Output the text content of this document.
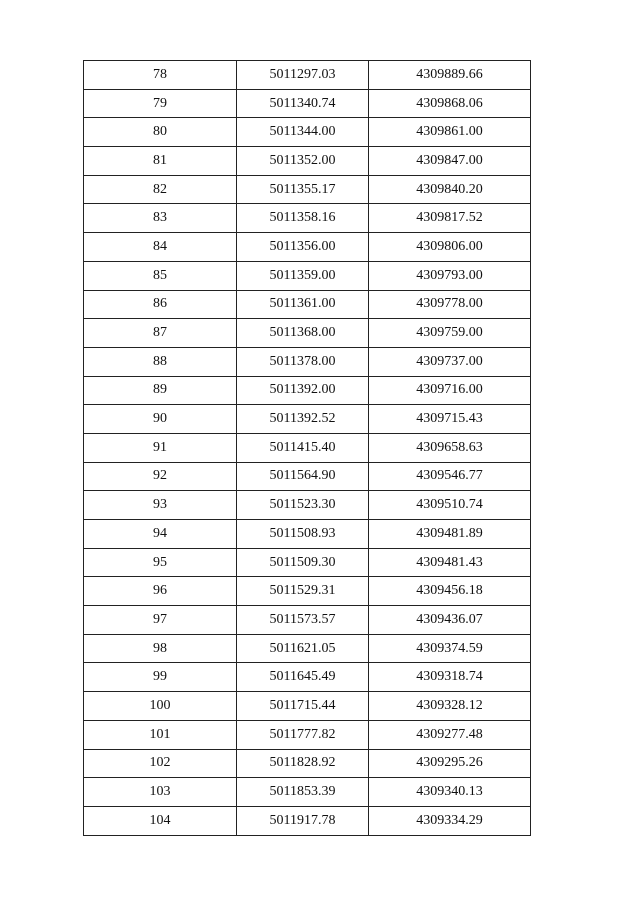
78	5011297.03	4309889.66
79	5011340.74	4309868.06
80	5011344.00	4309861.00
81	5011352.00	4309847.00
82	5011355.17	4309840.20
83	5011358.16	4309817.52
84	5011356.00	4309806.00
85	5011359.00	4309793.00
86	5011361.00	4309778.00
87	5011368.00	4309759.00
88	5011378.00	4309737.00
89	5011392.00	4309716.00
90	5011392.52	4309715.43
91	5011415.40	4309658.63
92	5011564.90	4309546.77
93	5011523.30	4309510.74
94	5011508.93	4309481.89
95	5011509.30	4309481.43
96	5011529.31	4309456.18
97	5011573.57	4309436.07
98	5011621.05	4309374.59
99	5011645.49	4309318.74
100	5011715.44	4309328.12
101	5011777.82	4309277.48
102	5011828.92	4309295.26
103	5011853.39	4309340.13
104	5011917.78	4309334.29
